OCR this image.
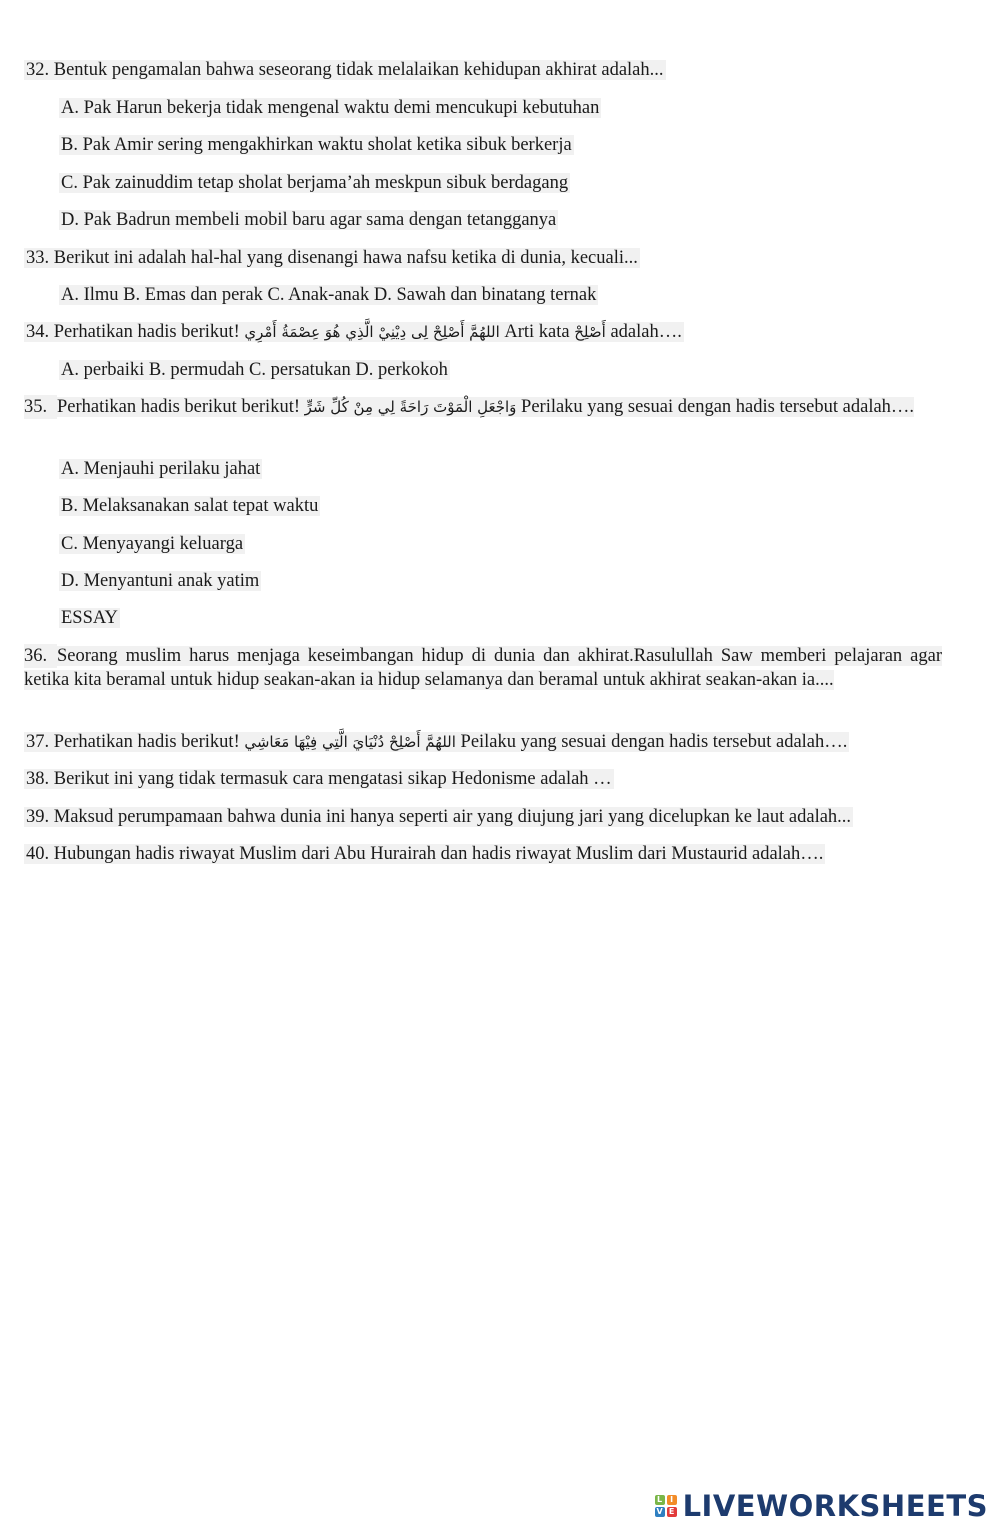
32. Bentuk pengamalan bahwa seseorang tidak melalaikan kehidupan akhirat adalah...
A. Pak Harun bekerja tidak mengenal waktu demi mencukupi kebutuhan
B. Pak Amir sering mengakhirkan waktu sholat ketika sibuk berkerja
C. Pak zainuddim tetap sholat berjama’ah meskpun sibuk berdagang
D. Pak Badrun membeli mobil baru agar sama dengan tetangganya
33. Berikut ini adalah hal-hal yang disenangi hawa nafsu ketika di dunia, kecuali...
A. Ilmu B. Emas dan perak C. Anak-anak D. Sawah dan binatang ternak
34. Perhatikan hadis berikut! اللهُمَّ أَصْلِحْ لِى دِيْنِيْ الَّذِي هُوَ عِصْمَةُ أَمْرِي Arti kata أَصْلِحْ adalah….
A. perbaiki B. permudah C. persatukan D. perkokoh
35. Perhatikan hadis berikut berikut! وَاجْعَلِ الْمَوْتَ رَاحَةً لِي مِنْ كُلِّ شَرٍّ Perilaku yang sesuai dengan hadis tersebut adalah….
A. Menjauhi perilaku jahat
B. Melaksanakan salat tepat waktu
C. Menyayangi keluarga
D. Menyantuni anak yatim
ESSAY
36. Seorang muslim harus menjaga keseimbangan hidup di dunia dan akhirat.Rasulullah Saw memberi pelajaran agar ketika kita beramal untuk hidup seakan-akan ia hidup selamanya dan beramal untuk akhirat seakan-akan ia....
37. Perhatikan hadis berikut! اللهُمَّ أَصْلِحْ دُنْيَايَ الَّتِي فِيْهَا مَعَاشِي Peilaku yang sesuai dengan hadis tersebut adalah….
38. Berikut ini yang tidak termasuk cara mengatasi sikap Hedonisme adalah …
39. Maksud perumpamaan bahwa dunia ini hanya seperti air yang diujung jari yang dicelupkan ke laut adalah...
40. Hubungan hadis riwayat Muslim dari Abu Hurairah dan hadis riwayat Muslim dari Mustaurid adalah….
L I
V E LIVEWORKSHEETS
